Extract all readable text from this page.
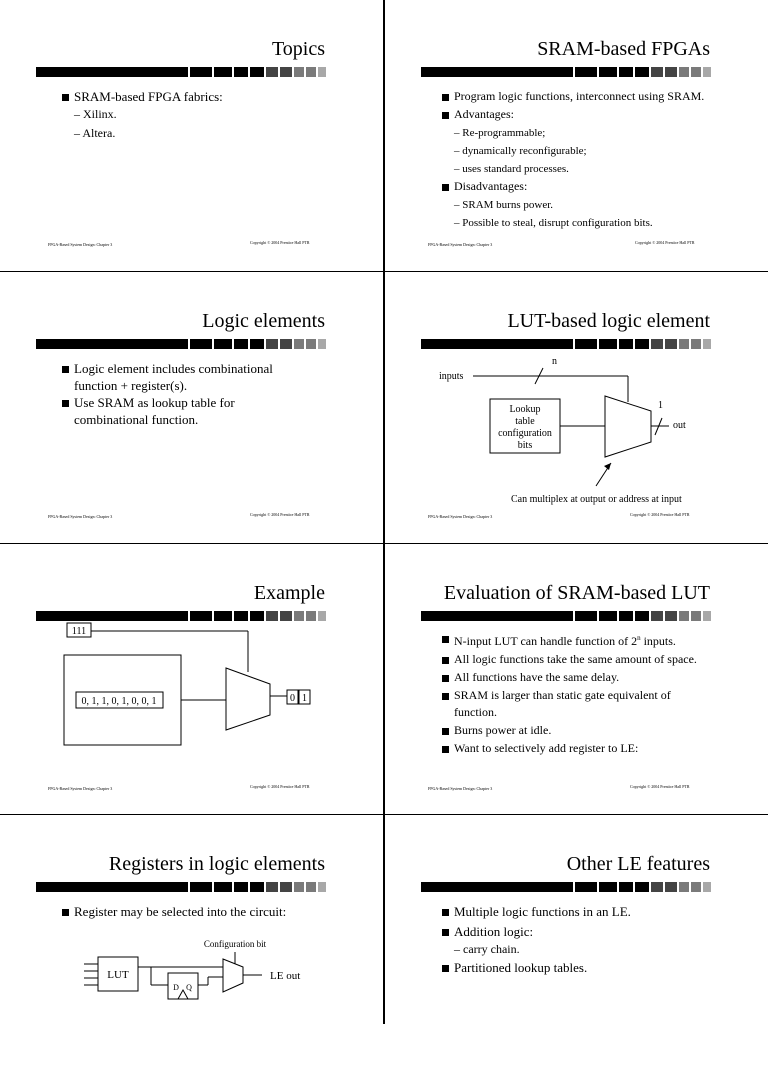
Topics
SRAM-based FPGA fabrics:
– Xilinx.
– Altera.
FPGA-Based System Design: Chapter 3	Copyright © 2004 Prentice Hall PTR
SRAM-based FPGAs
Program logic functions, interconnect using SRAM.
Advantages:
– Re-programmable;
– dynamically reconfigurable;
– uses standard processes.
Disadvantages:
– SRAM burns power.
– Possible to steal, disrupt configuration bits.
FPGA-Based System Design: Chapter 3	Copyright © 2004 Prentice Hall PTR
Logic elements
Logic element includes combinational function + register(s).
Use SRAM as lookup table for combinational function.
FPGA-Based System Design: Chapter 3	Copyright © 2004 Prentice Hall PTR
LUT-based logic element
inputs
n
Lookup
table
configuration
bits
1
out
Can multiplex at output or address at input
FPGA-Based System Design: Chapter 3	Copyright © 2004 Prentice Hall PTR
Example
111
0, 1, 1, 0, 1, 0, 0, 1	0 1
FPGA-Based System Design: Chapter 3	Copyright © 2004 Prentice Hall PTR
Evaluation of SRAM-based LUT
N-input LUT can handle function of 2$^n$ inputs.
All logic functions take the same amount of space.
All functions have the same delay.
SRAM is larger than static gate equivalent of function.
Burns power at idle.
Want to selectively add register to LE:
FPGA-Based System Design: Chapter 3	Copyright © 2004 Prentice Hall PTR
Registers in logic elements
Register may be selected into the circuit:
Configuration bit
LUT
D Q
LE out
Other LE features
Multiple logic functions in an LE.
Addition logic:
– carry chain.
Partitioned lookup tables.
